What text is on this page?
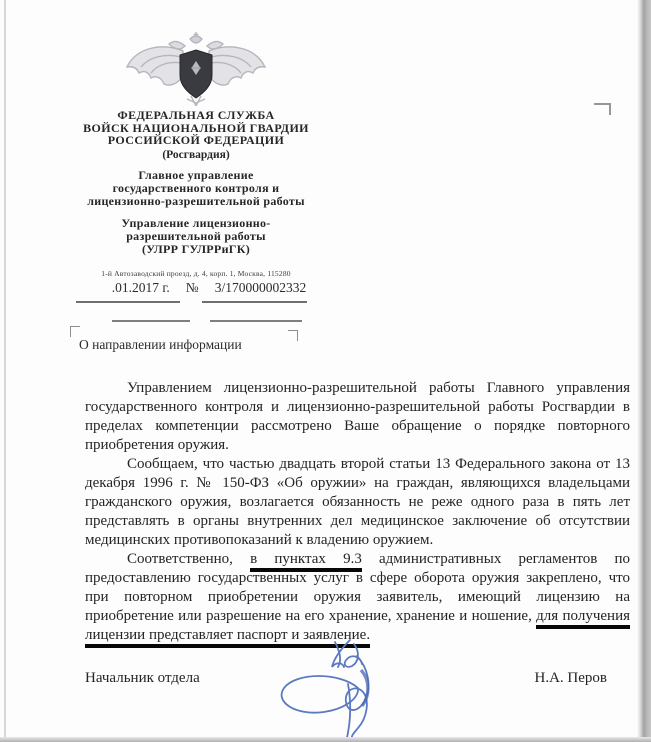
ФЕДЕРАЛЬНАЯ СЛУЖБА
ВОЙСК НАЦИОНАЛЬНОЙ ГВАРДИИ
РОССИЙСКОЙ ФЕДЕРАЦИИ
(Росгвардия)
Главное управление
государственного контроля и
лицензионно-разрешительной работы
Управление лицензионно-
разрешительной работы
(УЛРР ГУЛРРиГК)
1-й Автозаводский проезд, д. 4, корп. 1, Москва, 115280
.01.2017 г. № 3/170000002332
О направлении информации

Управлением лицензионно-разрешительной работы Главного управления государственного контроля и лицензионно-разрешительной работы Росгвардии в пределах компетенции рассмотрено Ваше обращение о порядке повторного приобретения оружия.

Сообщаем, что частью двадцать второй статьи 13 Федерального закона от 13 декабря 1996 г. № 150-ФЗ «Об оружии» на граждан, являющихся владельцами гражданского оружия, возлагается обязанность не реже одного раза в пять лет представлять в органы внутренних дел медицинское заключение об отсутствии медицинских противопоказаний к владению оружием.

Соответственно, в пунктах 9.3 административных регламентов по предоставлению государственных услуг в сфере оборота оружия закреплено, что при повторном приобретении оружия заявитель, имеющий лицензию на приобретение или разрешение на его хранение, хранение и ношение, для получения лицензии представляет паспорт и заявление.

Начальник отдела	Н.А. Перов
